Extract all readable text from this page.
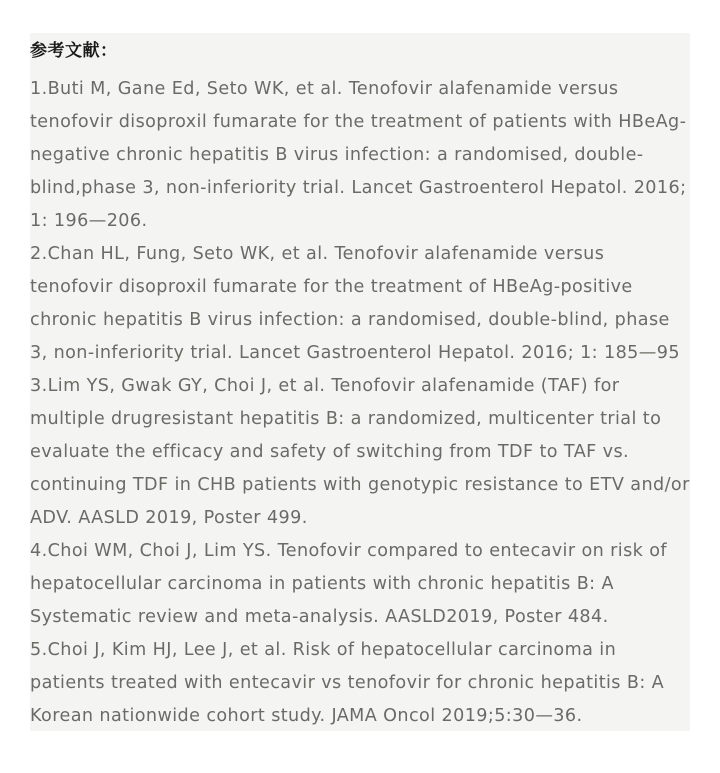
参考文献：
1.Buti M, Gane Ed, Seto WK, et al. Tenofovir alafenamide versus tenofovir disoproxil fumarate for the treatment of patients with HBeAg-negative chronic hepatitis B virus infection: a randomised, double-blind,phase 3, non-inferiority trial. Lancet Gastroenterol Hepatol. 2016; 1: 196—206.
2.Chan HL, Fung, Seto WK, et al. Tenofovir alafenamide versus tenofovir disoproxil fumarate for the treatment of HBeAg-positive chronic hepatitis B virus infection: a randomised, double-blind, phase 3, non-inferiority trial. Lancet Gastroenterol Hepatol. 2016; 1: 185—95
3.Lim YS, Gwak GY, Choi J, et al. Tenofovir alafenamide (TAF) for multiple drugresistant hepatitis B: a randomized, multicenter trial to evaluate the efficacy and safety of switching from TDF to TAF vs. continuing TDF in CHB patients with genotypic resistance to ETV and/or ADV. AASLD 2019, Poster 499.
4.Choi WM, Choi J, Lim YS. Tenofovir compared to entecavir on risk of hepatocellular carcinoma in patients with chronic hepatitis B: A Systematic review and meta-analysis. AASLD2019, Poster 484.
5.Choi J, Kim HJ, Lee J, et al. Risk of hepatocellular carcinoma in patients treated with entecavir vs tenofovir for chronic hepatitis B: A Korean nationwide cohort study. JAMA Oncol 2019;5:30—36.
